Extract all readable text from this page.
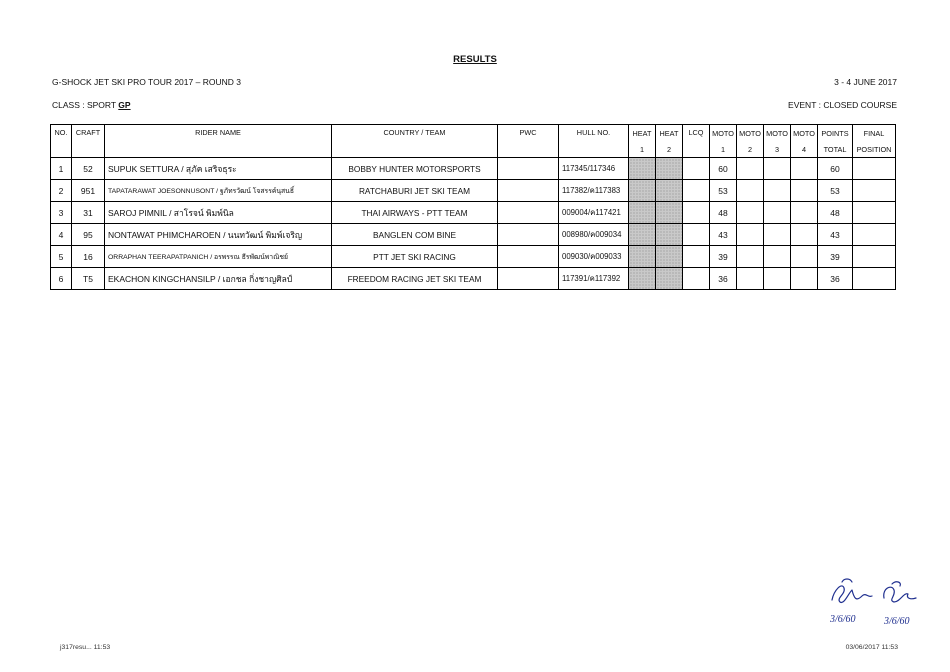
RESULTS
G-SHOCK JET SKI PRO TOUR 2017 – ROUND 3	3 - 4 JUNE 2017
CLASS : SPORT GP	EVENT : CLOSED COURSE
NO.	CRAFT	RIDER NAME	COUNTRY / TEAM	PWC	HULL NO.	HEAT	HEAT	LCQ	MOTO	MOTO	MOTO	MOTO	POINTS	FINAL
						1	2		1	2	3	4	TOTAL	POSITION
1	52	SUPUK SETTURA / สุภัค เสริจธุระ	BOBBY HUNTER MOTORSPORTS		117345/117346				60				60	
2	951	TAPATARAWAT JOESONNUSONT / ฐภัทรวัฒน์ โจสรรค์นุสนธิ์	RATCHABURI JET SKI TEAM		117382/ค117383				53				53	
3	31	SAROJ PIMNIL / สาโรจน์ พิมพ์นิล	THAI AIRWAYS - PTT TEAM		009004/ค117421				48				48	
4	95	NONTAWAT PHIMCHAROEN / นนทวัฒน์ พิมพ์เจริญ	BANGLEN COM BINE		008980/ค009034				43				43	
5	16	ORRAPHAN TEERAPATPANICH / อรพรรณ ธีรพัฒน์พาณิชย์	PTT JET SKI RACING		009030/ค009033				39				39	
6	T5	EKACHON KINGCHANSILP / เอกชล กิ่งชาญศิลป์	FREEDOM RACING JET SKI TEAM		117391/ค117392				36				36	
3/6/60	3/6/60
j317resu... 11:53	03/06/2017 11:53
